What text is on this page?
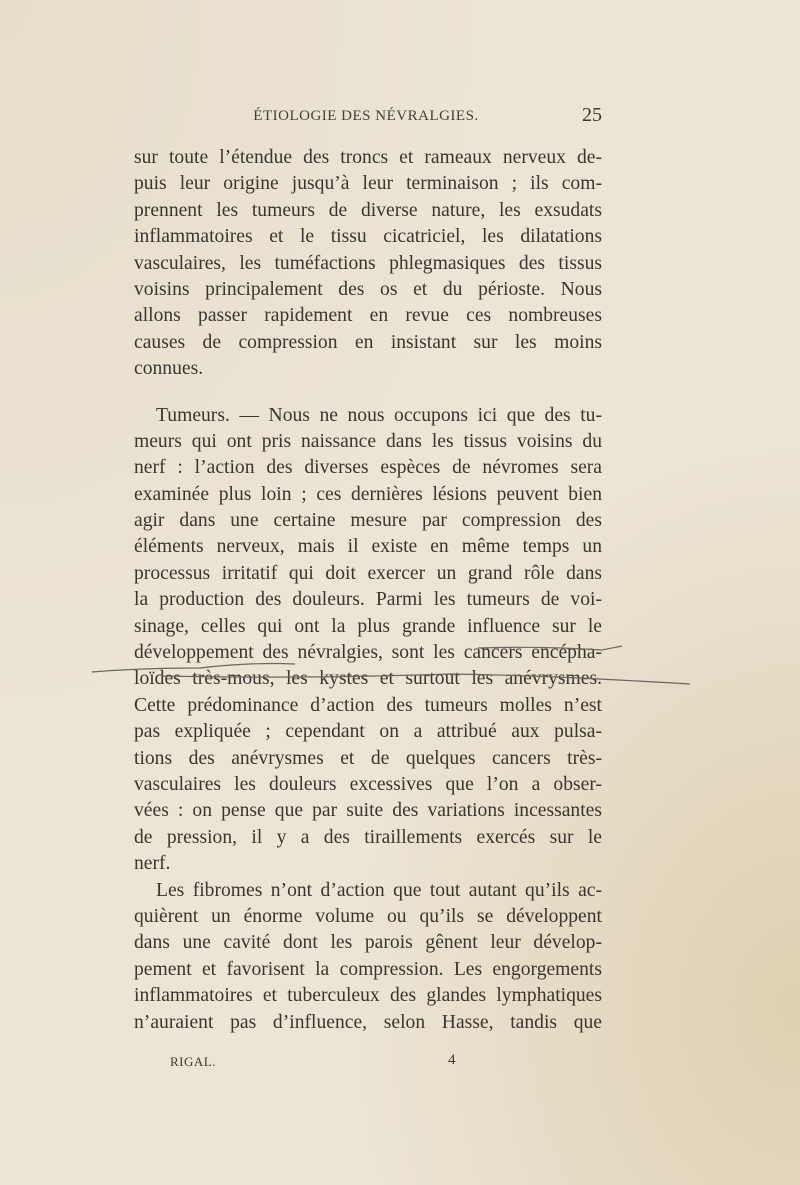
ÉTIOLOGIE DES NÉVRALGIES.	25
sur toute l’étendue des troncs et rameaux nerveux de-
puis leur origine jusqu’à leur terminaison ; ils com-
prennent les tumeurs de diverse nature, les exsudats
inflammatoires et le tissu cicatriciel, les dilatations
vasculaires, les tuméfactions phlegmasiques des tissus
voisins principalement des os et du périoste. Nous
allons passer rapidement en revue ces nombreuses
causes de compression en insistant sur les moins
connues.
Tumeurs. — Nous ne nous occupons ici que des tu-
meurs qui ont pris naissance dans les tissus voisins du
nerf : l’action des diverses espèces de névromes sera
examinée plus loin ; ces dernières lésions peuvent bien
agir dans une certaine mesure par compression des
éléments nerveux, mais il existe en même temps un
processus irritatif qui doit exercer un grand rôle dans
la production des douleurs. Parmi les tumeurs de voi-
sinage, celles qui ont la plus grande influence sur le
développement des névralgies, sont les cancers encépha-
loïdes très-mous, les kystes et surtout les anévrysmes.
Cette prédominance d’action des tumeurs molles n’est
pas expliquée ; cependant on a attribué aux pulsa-
tions des anévrysmes et de quelques cancers très-
vasculaires les douleurs excessives que l’on a obser-
vées : on pense que par suite des variations incessantes
de pression, il y a des tiraillements exercés sur le
nerf.
Les fibromes n’ont d’action que tout autant qu’ils ac-
quièrent un énorme volume ou qu’ils se développent
dans une cavité dont les parois gênent leur dévelop-
pement et favorisent la compression. Les engorgements
inflammatoires et tuberculeux des glandes lymphatiques
n’auraient pas d’influence, selon Hasse, tandis que
RIGAL.	4
